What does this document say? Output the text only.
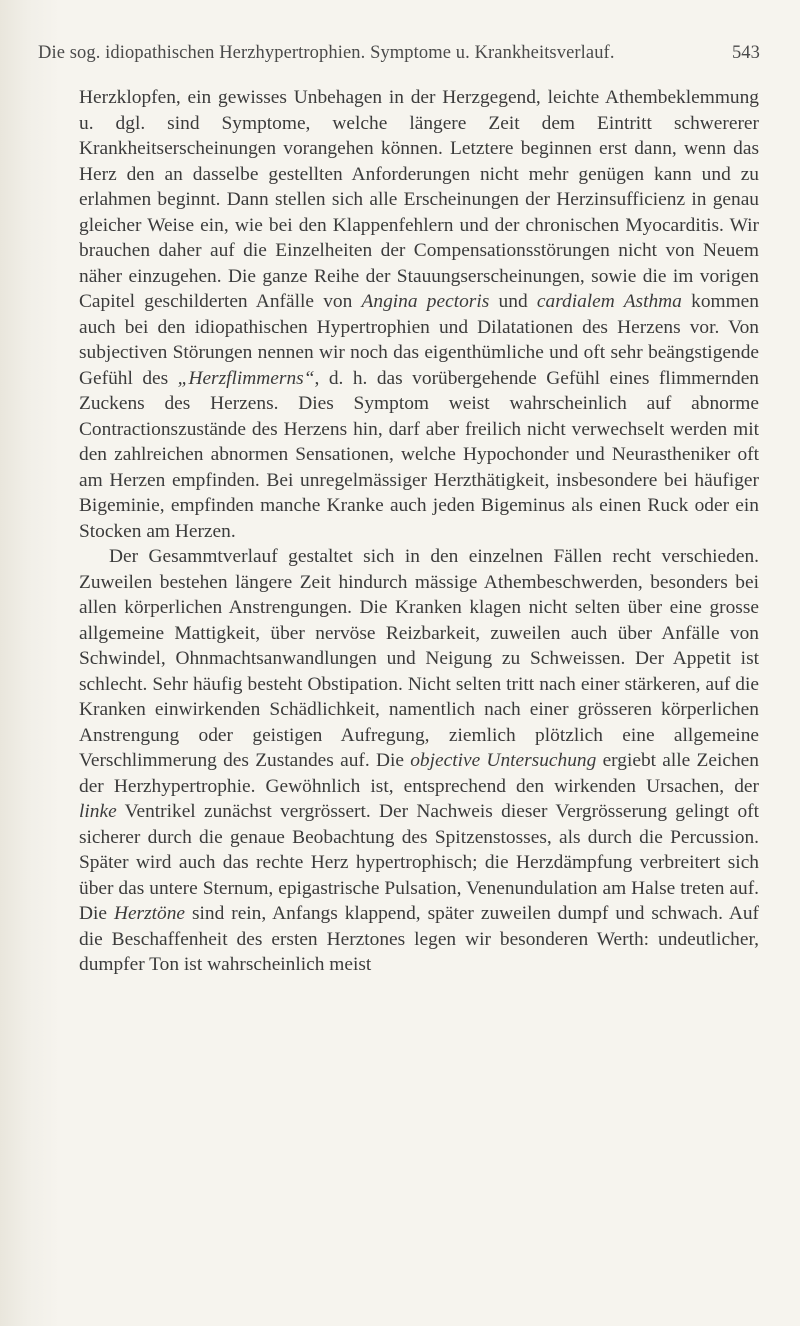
Die sog. idiopathischen Herzhypertrophien. Symptome u. Krankheitsverlauf.	543

Herzklopfen, ein gewisses Unbehagen in der Herzgegend, leichte Athembeklemmung u. dgl. sind Symptome, welche längere Zeit dem Eintritt schwererer Krankheitserscheinungen vorangehen können. Letztere beginnen erst dann, wenn das Herz den an dasselbe gestellten Anforderungen nicht mehr genügen kann und zu erlahmen beginnt. Dann stellen sich alle Erscheinungen der Herzinsufficienz in genau gleicher Weise ein, wie bei den Klappenfehlern und der chronischen Myocarditis. Wir brauchen daher auf die Einzelheiten der Compensationsstörungen nicht von Neuem näher einzugehen. Die ganze Reihe der Stauungserscheinungen, sowie die im vorigen Capitel geschilderten Anfälle von Angina pectoris und cardialem Asthma kommen auch bei den idiopathischen Hypertrophien und Dilatationen des Herzens vor. Von subjectiven Störungen nennen wir noch das eigenthümliche und oft sehr beängstigende Gefühl des „Herzflimmerns“, d. h. das vorübergehende Gefühl eines flimmernden Zuckens des Herzens. Dies Symptom weist wahrscheinlich auf abnorme Contractionszustände des Herzens hin, darf aber freilich nicht verwechselt werden mit den zahlreichen abnormen Sensationen, welche Hypochonder und Neurastheniker oft am Herzen empfinden. Bei unregelmässiger Herzthätigkeit, insbesondere bei häufiger Bigeminie, empfinden manche Kranke auch jeden Bigeminus als einen Ruck oder ein Stocken am Herzen.

Der Gesammtverlauf gestaltet sich in den einzelnen Fällen recht verschieden. Zuweilen bestehen längere Zeit hindurch mässige Athembeschwerden, besonders bei allen körperlichen Anstrengungen. Die Kranken klagen nicht selten über eine grosse allgemeine Mattigkeit, über nervöse Reizbarkeit, zuweilen auch über Anfälle von Schwindel, Ohnmachtsanwandlungen und Neigung zu Schweissen. Der Appetit ist schlecht. Sehr häufig besteht Obstipation. Nicht selten tritt nach einer stärkeren, auf die Kranken einwirkenden Schädlichkeit, namentlich nach einer grösseren körperlichen Anstrengung oder geistigen Aufregung, ziemlich plötzlich eine allgemeine Verschlimmerung des Zustandes auf. Die objective Untersuchung ergiebt alle Zeichen der Herzhypertrophie. Gewöhnlich ist, entsprechend den wirkenden Ursachen, der linke Ventrikel zunächst vergrössert. Der Nachweis dieser Vergrösserung gelingt oft sicherer durch die genaue Beobachtung des Spitzenstosses, als durch die Percussion. Später wird auch das rechte Herz hypertrophisch; die Herzdämpfung verbreitert sich über das untere Sternum, epigastrische Pulsation, Venenundulation am Halse treten auf. Die Herztöne sind rein, Anfangs klappend, später zuweilen dumpf und schwach. Auf die Beschaffenheit des ersten Herztones legen wir besonderen Werth: undeutlicher, dumpfer Ton ist wahrscheinlich meist
